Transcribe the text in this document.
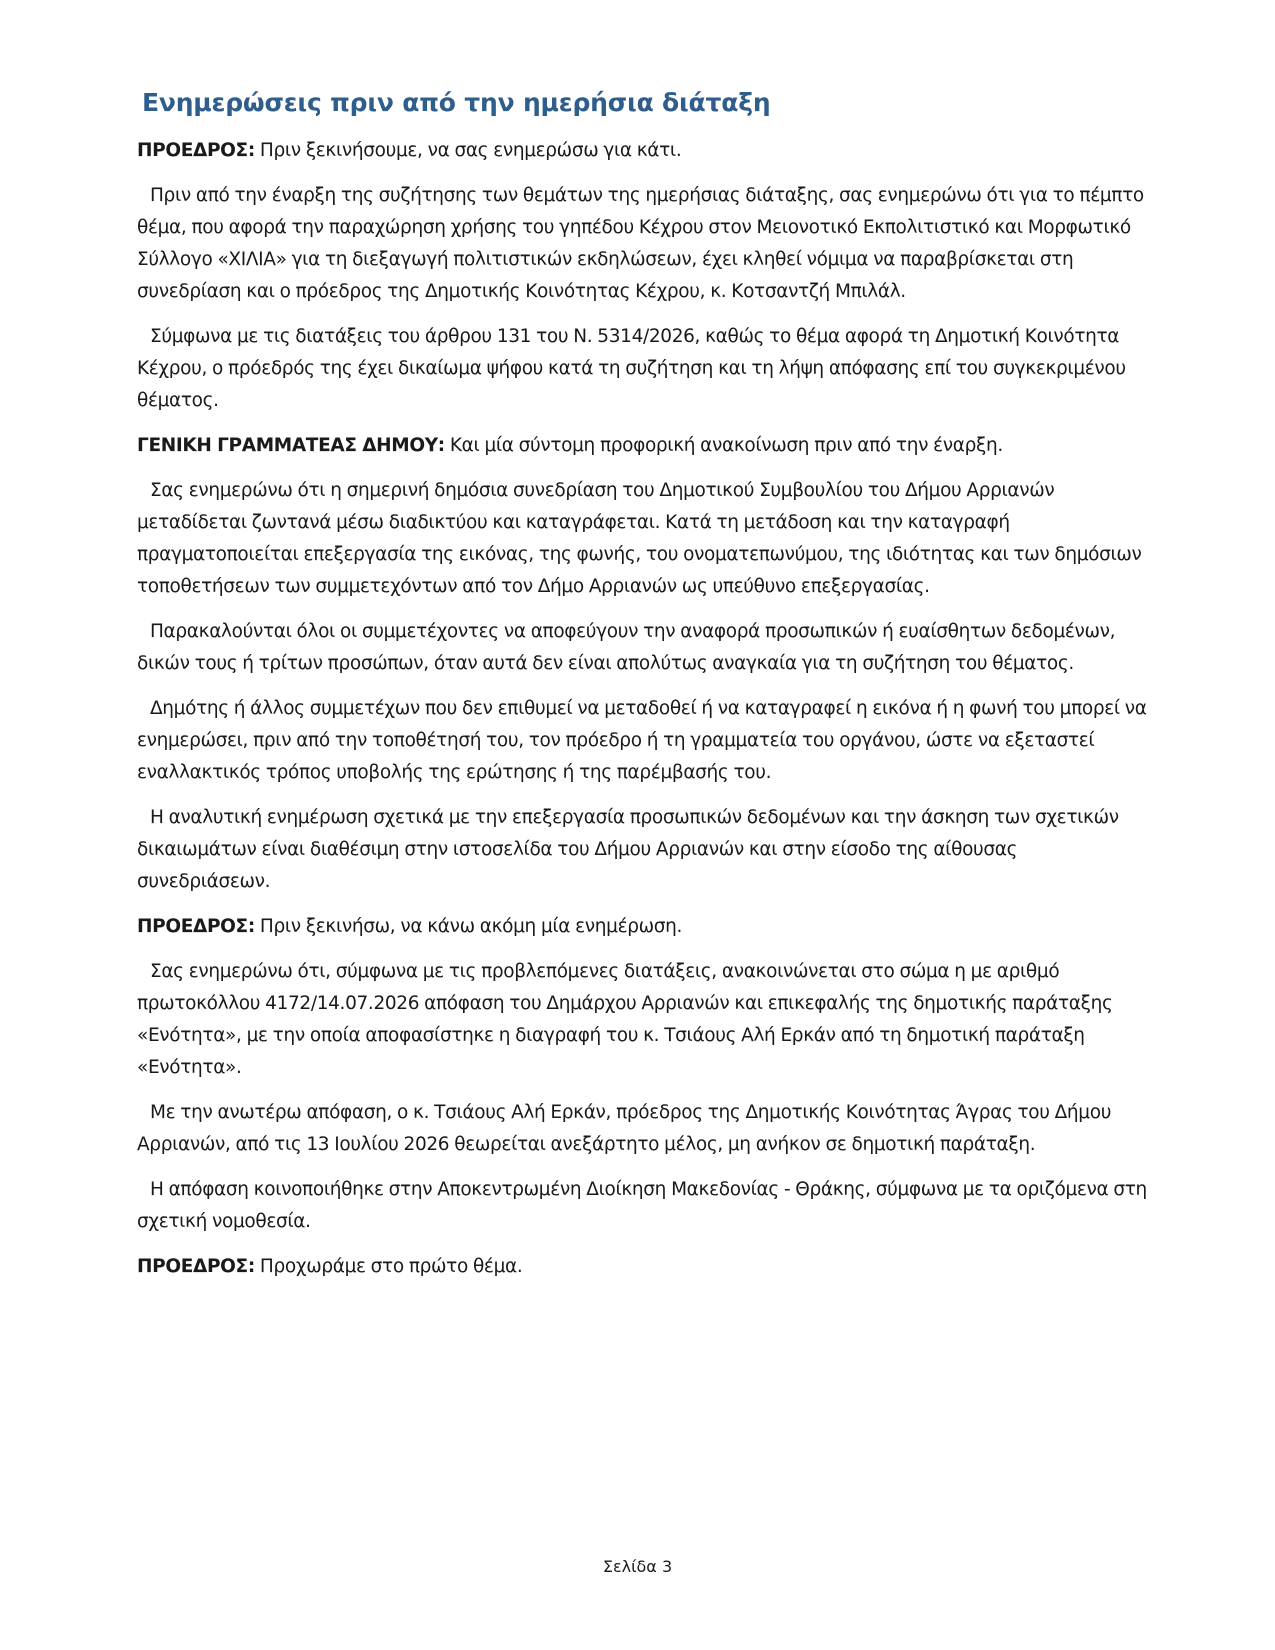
Ενημερώσεις πριν από την ημερήσια διάταξη

ΠΡΟΕΔΡΟΣ: Πριν ξεκινήσουμε, να σας ενημερώσω για κάτι.

Πριν από την έναρξη της συζήτησης των θεμάτων της ημερήσιας διάταξης, σας ενημερώνω ότι για το πέμπτο θέμα, που αφορά την παραχώρηση χρήσης του γηπέδου Κέχρου στον Μειονοτικό Εκπολιτιστικό και Μορφωτικό Σύλλογο «ΧΙΛΙΑ» για τη διεξαγωγή πολιτιστικών εκδηλώσεων, έχει κληθεί νόμιμα να παραβρίσκεται στη συνεδρίαση και ο πρόεδρος της Δημοτικής Κοινότητας Κέχρου, κ. Κοτσαντζή Μπιλάλ.

Σύμφωνα με τις διατάξεις του άρθρου 131 του Ν. 5314/2026, καθώς το θέμα αφορά τη Δημοτική Κοινότητα Κέχρου, ο πρόεδρός της έχει δικαίωμα ψήφου κατά τη συζήτηση και τη λήψη απόφασης επί του συγκεκριμένου θέματος.

ΓΕΝΙΚΗ ΓΡΑΜΜΑΤΕΑΣ ΔΗΜΟΥ: Και μία σύντομη προφορική ανακοίνωση πριν από την έναρξη.

Σας ενημερώνω ότι η σημερινή δημόσια συνεδρίαση του Δημοτικού Συμβουλίου του Δήμου Αρριανών μεταδίδεται ζωντανά μέσω διαδικτύου και καταγράφεται. Κατά τη μετάδοση και την καταγραφή πραγματοποιείται επεξεργασία της εικόνας, της φωνής, του ονοματεπωνύμου, της ιδιότητας και των δημόσιων τοποθετήσεων των συμμετεχόντων από τον Δήμο Αρριανών ως υπεύθυνο επεξεργασίας.

Παρακαλούνται όλοι οι συμμετέχοντες να αποφεύγουν την αναφορά προσωπικών ή ευαίσθητων δεδομένων, δικών τους ή τρίτων προσώπων, όταν αυτά δεν είναι απολύτως αναγκαία για τη συζήτηση του θέματος.

Δημότης ή άλλος συμμετέχων που δεν επιθυμεί να μεταδοθεί ή να καταγραφεί η εικόνα ή η φωνή του μπορεί να ενημερώσει, πριν από την τοποθέτησή του, τον πρόεδρο ή τη γραμματεία του οργάνου, ώστε να εξεταστεί εναλλακτικός τρόπος υποβολής της ερώτησης ή της παρέμβασής του.

Η αναλυτική ενημέρωση σχετικά με την επεξεργασία προσωπικών δεδομένων και την άσκηση των σχετικών δικαιωμάτων είναι διαθέσιμη στην ιστοσελίδα του Δήμου Αρριανών και στην είσοδο της αίθουσας συνεδριάσεων.

ΠΡΟΕΔΡΟΣ: Πριν ξεκινήσω, να κάνω ακόμη μία ενημέρωση.

Σας ενημερώνω ότι, σύμφωνα με τις προβλεπόμενες διατάξεις, ανακοινώνεται στο σώμα η με αριθμό πρωτοκόλλου 4172/14.07.2026 απόφαση του Δημάρχου Αρριανών και επικεφαλής της δημοτικής παράταξης «Ενότητα», με την οποία αποφασίστηκε η διαγραφή του κ. Τσιάους Αλή Ερκάν από τη δημοτική παράταξη «Ενότητα».

Με την ανωτέρω απόφαση, ο κ. Τσιάους Αλή Ερκάν, πρόεδρος της Δημοτικής Κοινότητας Άγρας του Δήμου Αρριανών, από τις 13 Ιουλίου 2026 θεωρείται ανεξάρτητο μέλος, μη ανήκον σε δημοτική παράταξη.

Η απόφαση κοινοποιήθηκε στην Αποκεντρωμένη Διοίκηση Μακεδονίας - Θράκης, σύμφωνα με τα οριζόμενα στη σχετική νομοθεσία.

ΠΡΟΕΔΡΟΣ: Προχωράμε στο πρώτο θέμα.

Σελίδα 3
